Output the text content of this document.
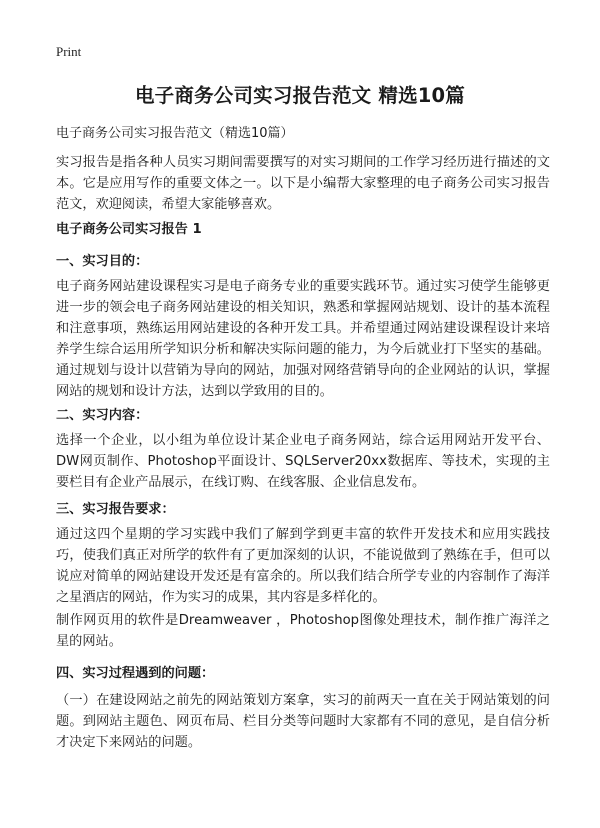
Print
电子商务公司实习报告范文 精选10篇
电子商务公司实习报告范文（精选10篇）

实习报告是指各种人员实习期间需要撰写的对实习期间的工作学习经历进行描述的文本。它是应用写作的重要文体之一。以下是小编帮大家整理的电子商务公司实习报告范文，欢迎阅读，希望大家能够喜欢。

电子商务公司实习报告 1
一、实习目的：

电子商务网站建设课程实习是电子商务专业的重要实践环节。通过实习使学生能够更进一步的领会电子商务网站建设的相关知识，熟悉和掌握网站规划、设计的基本流程和注意事项，熟练运用网站建设的各种开发工具。并希望通过网站建设课程设计来培养学生综合运用所学知识分析和解决实际问题的能力，为今后就业打下坚实的基础。通过规划与设计以营销为导向的网站，加强对网络营销导向的企业网站的认识，掌握网站的规划和设计方法，达到以学致用的目的。

二、实习内容：

选择一个企业，以小组为单位设计某企业电子商务网站，综合运用网站开发平台、DW网页制作、Photoshop平面设计、SQLServer20xx数据库、等技术，实现的主要栏目有企业产品展示，在线订购、在线客服、企业信息发布。

三、实习报告要求：

通过这四个星期的学习实践中我们了解到学到更丰富的软件开发技术和应用实践技巧，使我们真正对所学的软件有了更加深刻的认识，不能说做到了熟练在手，但可以说应对简单的网站建设开发还是有富余的。所以我们结合所学专业的内容制作了海洋之星酒店的网站，作为实习的成果，其内容是多样化的。

制作网页用的软件是Dreamweaver ，Photoshop图像处理技术，制作推广海洋之星的网站。

四、实习过程遇到的问题：

（一）在建设网站之前先的网站策划方案拿，实习的前两天一直在关于网站策划的问题。到网站主题色、网页布局、栏目分类等问题时大家都有不同的意见，是自信分析才决定下来网站的问题。
